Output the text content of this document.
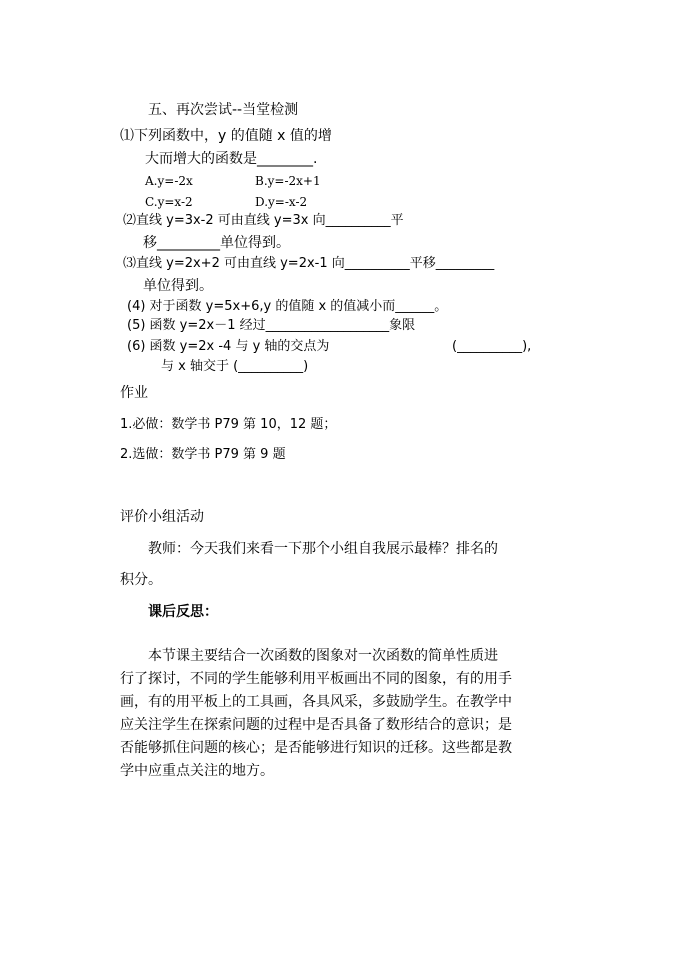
五、再次尝试--当堂检测
⑴下列函数中，y 的值随 x 值的增
大而增大的函数是________.
A.y=-2x	B.y=-2x+1
C.y=x-2	D.y=-x-2
⑵直线 y=3x-2 可由直线 y=3x 向__________平
移_________单位得到。
⑶直线 y=2x+2 可由直线 y=2x-1 向__________平移_________
单位得到。
(4) 对于函数 y=5x+6,y 的值随 x 的值减小而______。
(5) 函数 y=2x－1 经过___________________象限
(6) 函数 y=2x -4 与 y 轴的交点为	(__________),
与 x 轴交于 (__________)
作业
1.必做：数学书 P79 第 10，12 题；
2.选做：数学书 P79 第 9 题
评价小组活动
教师：今天我们来看一下那个小组自我展示最棒？排名的
积分。
课后反思：
本节课主要结合一次函数的图象对一次函数的简单性质进
行了探讨，不同的学生能够利用平板画出不同的图象，有的用手
画，有的用平板上的工具画，各具风采，多鼓励学生。在教学中
应关注学生在探索问题的过程中是否具备了数形结合的意识；是
否能够抓住问题的核心；是否能够进行知识的迁移。这些都是教
学中应重点关注的地方。
